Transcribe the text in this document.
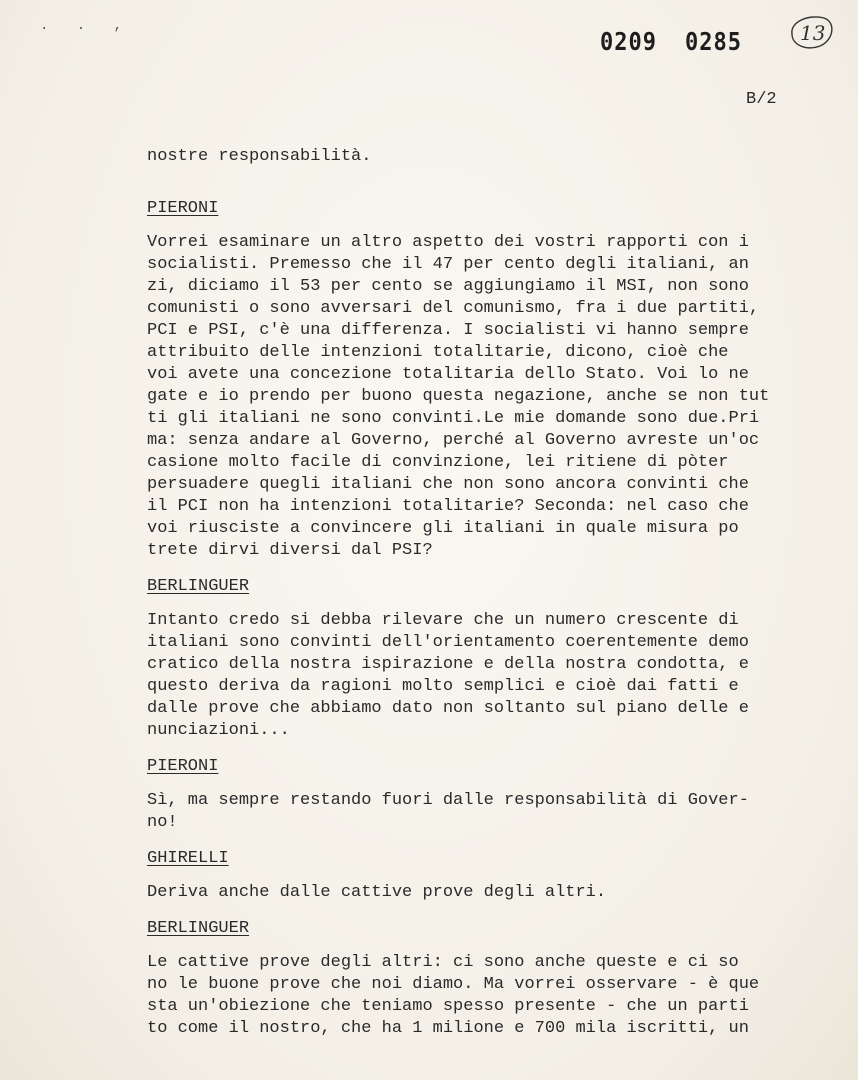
. . ,
0209 0285	13
B/2
nostre responsabilità.
PIERONI
Vorrei esaminare un altro aspetto dei vostri rapporti con i
socialisti. Premesso che il 47 per cento degli italiani, an
zi, diciamo il 53 per cento se aggiungiamo il MSI, non sono
comunisti o sono avversari del comunismo, fra i due partiti,
PCI e PSI, c'è una differenza. I socialisti vi hanno sempre
attribuito delle intenzioni totalitarie, dicono, cioè che
voi avete una concezione totalitaria dello Stato. Voi lo ne
gate e io prendo per buono questa negazione, anche se non tut
ti gli italiani ne sono convinti.Le mie domande sono due.Pri
ma: senza andare al Governo, perché al Governo avreste un'oc
casione molto facile di convinzione, lei ritiene di pòter
persuadere quegli italiani che non sono ancora convinti che
il PCI non ha intenzioni totalitarie? Seconda: nel caso che
voi riusciste a convincere gli italiani in quale misura po
trete dirvi diversi dal PSI?
BERLINGUER
Intanto credo si debba rilevare che un numero crescente di
italiani sono convinti dell'orientamento coerentemente demo
cratico della nostra ispirazione e della nostra condotta, e
questo deriva da ragioni molto semplici e cioè dai fatti e
dalle prove che abbiamo dato non soltanto sul piano delle e
nunciazioni...
PIERONI
Sì, ma sempre restando fuori dalle responsabilità di Gover-
no!
GHIRELLI
Deriva anche dalle cattive prove degli altri.
BERLINGUER
Le cattive prove degli altri: ci sono anche queste e ci so
no le buone prove che noi diamo. Ma vorrei osservare - è que
sta un'obiezione che teniamo spesso presente - che un parti
to come il nostro, che ha 1 milione e 700 mila iscritti, un
